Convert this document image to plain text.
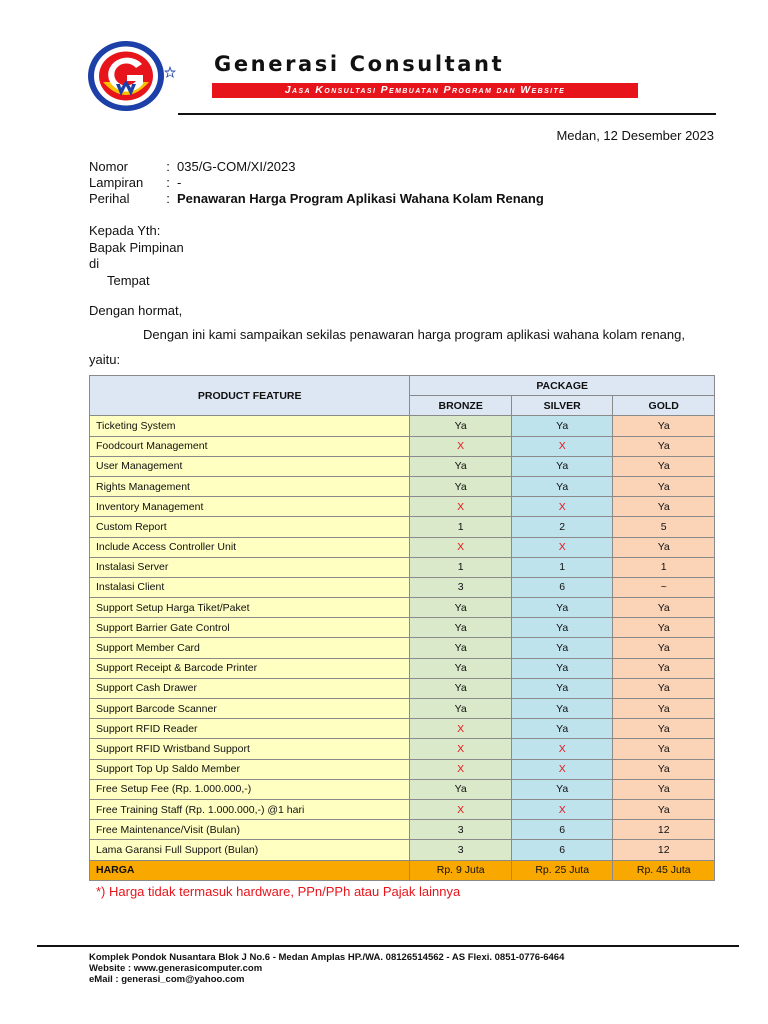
Generasi Consultant
Jasa Konsultasi Pembuatan Program dan Website
Medan, 12 Desember 2023
Nomor	: 035/G-COM/XI/2023
Lampiran	: -
Perihal	: Penawaran Harga Program Aplikasi Wahana Kolam Renang
Kepada Yth:
Bapak Pimpinan
di
Tempat
Dengan hormat,
Dengan ini kami sampaikan sekilas penawaran harga program aplikasi wahana kolam renang,
yaitu:
PRODUCT FEATURE	PACKAGE		
	BRONZE	SILVER	GOLD
Ticketing System	Ya	Ya	Ya
Foodcourt Management	X	X	Ya
User Management	Ya	Ya	Ya
Rights Management	Ya	Ya	Ya
Inventory Management	X	X	Ya
Custom Report	1	2	5
Include Access Controller Unit	X	X	Ya
Instalasi Server	1	1	1
Instalasi Client	3	6	~
Support Setup Harga Tiket/Paket	Ya	Ya	Ya
Support Barrier Gate Control	Ya	Ya	Ya
Support Member Card	Ya	Ya	Ya
Support Receipt & Barcode Printer	Ya	Ya	Ya
Support Cash Drawer	Ya	Ya	Ya
Support Barcode Scanner	Ya	Ya	Ya
Support RFID Reader	X	Ya	Ya
Support RFID Wristband Support	X	X	Ya
Support Top Up Saldo Member	X	X	Ya
Free Setup Fee (Rp. 1.000.000,-)	Ya	Ya	Ya
Free Training Staff (Rp. 1.000.000,-) @1 hari	X	X	Ya
Free Maintenance/Visit (Bulan)	3	6	12
Lama Garansi Full Support (Bulan)	3	6	12
HARGA	Rp. 9 Juta	Rp. 25 Juta	Rp. 45 Juta
*) Harga tidak termasuk hardware, PPn/PPh atau Pajak lainnya
Komplek Pondok Nusantara Blok J No.6 - Medan Amplas HP./WA. 08126514562 - AS Flexi. 0851-0776-6464
Website : www.generasicomputer.com
eMail : generasi_com@yahoo.com
